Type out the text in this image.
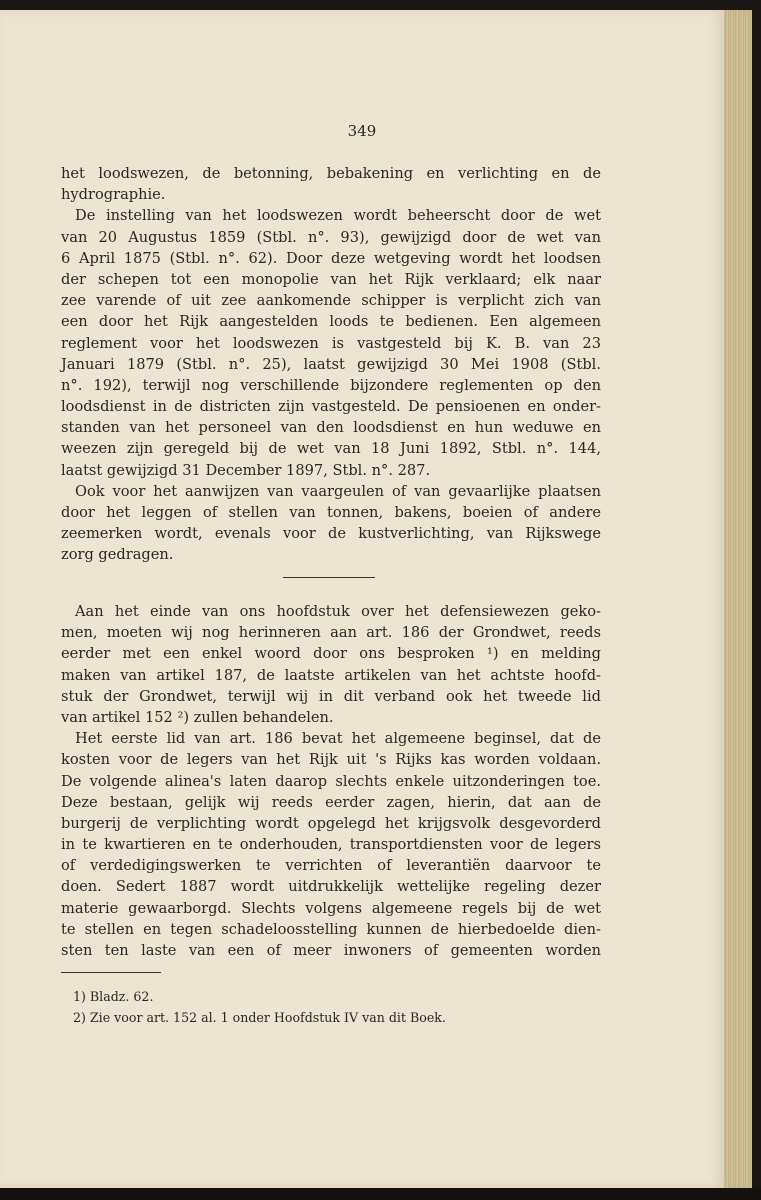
349
het loodswezen, de betonning, bebakening en verlichting en de
hydrographie.
De instelling van het loodswezen wordt beheerscht door de wet
van 20 Augustus 1859 (Stbl. n°. 93), gewijzigd door de wet van
6 April 1875 (Stbl. n°. 62). Door deze wetgeving wordt het loodsen
der schepen tot een monopolie van het Rijk verklaard; elk naar
zee varende of uit zee aankomende schipper is verplicht zich van
een door het Rijk aangestelden loods te bedienen. Een algemeen
reglement voor het loodswezen is vastgesteld bij K. B. van 23
Januari 1879 (Stbl. n°. 25), laatst gewijzigd 30 Mei 1908 (Stbl.
n°. 192), terwijl nog verschillende bijzondere reglementen op den
loodsdienst in de districten zijn vastgesteld. De pensioenen en onder-
standen van het personeel van den loodsdienst en hun weduwe en
weezen zijn geregeld bij de wet van 18 Juni 1892, Stbl. n°. 144,
laatst gewijzigd 31 December 1897, Stbl. n°. 287.
Ook voor het aanwijzen van vaargeulen of van gevaarlijke plaatsen
door het leggen of stellen van tonnen, bakens, boeien of andere
zeemerken wordt, evenals voor de kustverlichting, van Rijkswege
zorg gedragen.
Aan het einde van ons hoofdstuk over het defensiewezen geko-
men, moeten wij nog herinneren aan art. 186 der Grondwet, reeds
eerder met een enkel woord door ons besproken ¹) en melding
maken van artikel 187, de laatste artikelen van het achtste hoofd-
stuk der Grondwet, terwijl wij in dit verband ook het tweede lid
van artikel 152 ²) zullen behandelen.
Het eerste lid van art. 186 bevat het algemeene beginsel, dat de
kosten voor de legers van het Rijk uit 's Rijks kas worden voldaan.
De volgende alinea's laten daarop slechts enkele uitzonderingen toe.
Deze bestaan, gelijk wij reeds eerder zagen, hierin, dat aan de
burgerij de verplichting wordt opgelegd het krijgsvolk desgevorderd
in te kwartieren en te onderhouden, transportdiensten voor de legers
of verdedigingswerken te verrichten of leverantiën daarvoor te
doen. Sedert 1887 wordt uitdrukkelijk wettelijke regeling dezer
materie gewaarborgd. Slechts volgens algemeene regels bij de wet
te stellen en tegen schadeloosstelling kunnen de hierbedoelde dien-
sten ten laste van een of meer inwoners of gemeenten worden
1) Bladz. 62.
2) Zie voor art. 152 al. 1 onder Hoofdstuk IV van dit Boek.
